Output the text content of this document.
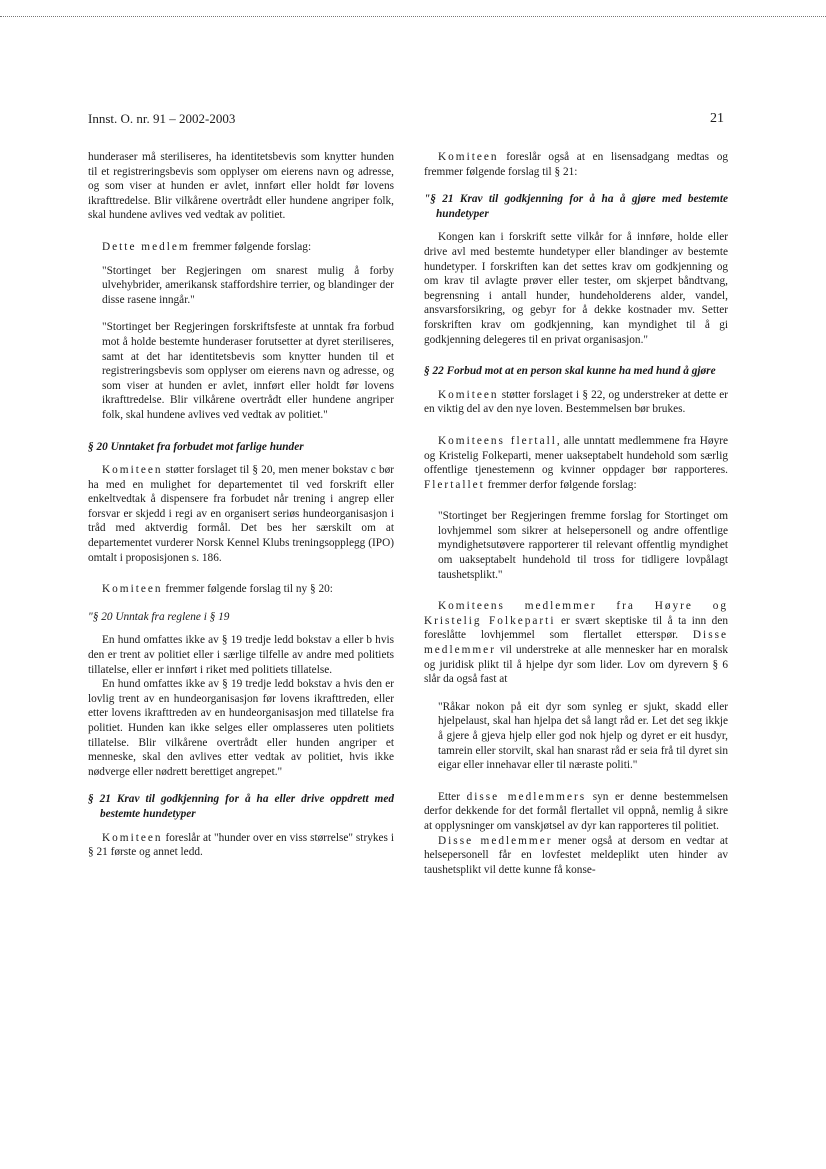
Innst. O. nr. 91 – 2002-2003	21

hunderaser må steriliseres, ha identitetsbevis som knytter hunden til et registreringsbevis som opplyser om eierens navn og adresse, og som viser at hunden er avlet, innført eller holdt før lovens ikrafttredelse. Blir vilkårene overtrådt eller hundene angriper folk, skal hundene avlives ved vedtak av politiet.

Dette medlem fremmer følgende forslag:

"Stortinget ber Regjeringen om snarest mulig å forby ulvehybrider, amerikansk staffordshire terrier, og blandinger der disse rasene inngår."

"Stortinget ber Regjeringen forskriftsfeste at unntak fra forbud mot å holde bestemte hunderaser forutsetter at dyret steriliseres, samt at det har identitetsbevis som knytter hunden til et registreringsbevis som opplyser om eierens navn og adresse, og som viser at hunden er avlet, innført eller holdt før lovens ikrafttredelse. Blir vilkårene overtrådt eller hundene angriper folk, skal hundene avlives ved vedtak av politiet."

§ 20 Unntaket fra forbudet mot farlige hunder

Komiteen støtter forslaget til § 20, men mener bokstav c bør ha med en mulighet for departementet til ved forskrift eller enkeltvedtak å dispensere fra forbudet når trening i angrep eller forsvar er skjedd i regi av en organisert seriøs hundeorganisasjon i tråd med aktverdig formål. Det bes her særskilt om at departementet vurderer Norsk Kennel Klubs treningsopplegg (IPO) omtalt i proposisjonen s. 186.

Komiteen fremmer følgende forslag til ny § 20:

"§ 20 Unntak fra reglene i § 19

En hund omfattes ikke av § 19 tredje ledd bokstav a eller b hvis den er trent av politiet eller i særlige tilfelle av andre med politiets tillatelse, eller er innført i riket med politiets tillatelse.

En hund omfattes ikke av § 19 tredje ledd bokstav a hvis den er lovlig trent av en hundeorganisasjon før lovens ikrafttreden, eller etter lovens ikrafttreden av en hundeorganisasjon med tillatelse fra politiet. Hunden kan ikke selges eller omplasseres uten politiets tillatelse. Blir vilkårene overtrådt eller hunden angriper et menneske, skal den avlives etter vedtak av politiet, hvis ikke nødverge eller nødrett berettiget angrepet."

§ 21 Krav til godkjenning for å ha eller drive oppdrett med bestemte hundetyper

Komiteen foreslår at "hunder over en viss størrelse" strykes i § 21 første og annet ledd.

Komiteen foreslår også at en lisensadgang medtas og fremmer følgende forslag til § 21:

"§ 21 Krav til godkjenning for å ha å gjøre med bestemte hundetyper

Kongen kan i forskrift sette vilkår for å innføre, holde eller drive avl med bestemte hundetyper eller blandinger av bestemte hundetyper. I forskriften kan det settes krav om godkjenning og om krav til avlagte prøver eller tester, om skjerpet båndtvang, begrensning i antall hunder, hundeholderens alder, vandel, ansvarsforsikring, og gebyr for å dekke kostnader mv. Setter forskriften krav om godkjenning, kan myndighet til å gi godkjenning delegeres til en privat organisasjon."

§ 22 Forbud mot at en person skal kunne ha med hund å gjøre

Komiteen støtter forslaget i § 22, og understreker at dette er en viktig del av den nye loven. Bestemmelsen bør brukes.

Komiteens flertall, alle unntatt medlemmene fra Høyre og Kristelig Folkeparti, mener uakseptabelt hundehold som særlig offentlige tjenestemenn og kvinner oppdager bør rapporteres. Flertallet fremmer derfor følgende forslag:

"Stortinget ber Regjeringen fremme forslag for Stortinget om lovhjemmel som sikrer at helsepersonell og andre offentlige myndighetsutøvere rapporterer til relevant offentlig myndighet om uakseptabelt hundehold til tross for tidligere lovpålagt taushetsplikt."

Komiteens medlemmer fra Høyre og Kristelig Folkeparti er svært skeptiske til å ta inn den foreslåtte lovhjemmel som flertallet etterspør. Disse medlemmer vil understreke at alle mennesker har en moralsk og juridisk plikt til å hjelpe dyr som lider. Lov om dyrevern § 6 slår da også fast at

"Råkar nokon på eit dyr som synleg er sjukt, skadd eller hjelpelaust, skal han hjelpa det så langt råd er. Let det seg ikkje å gjere å gjeva hjelp eller god nok hjelp og dyret er eit husdyr, tamrein eller storvilt, skal han snarast råd er seia frå til dyret sin eigar eller innehavar eller til næraste politi."

Etter disse medlemmers syn er denne bestemmelsen derfor dekkende for det formål flertallet vil oppnå, nemlig å sikre at opplysninger om vanskjøtsel av dyr kan rapporteres til politiet.

Disse medlemmer mener også at dersom en vedtar at helsepersonell får en lovfestet meldeplikt uten hinder av taushetsplikt vil dette kunne få konse-
